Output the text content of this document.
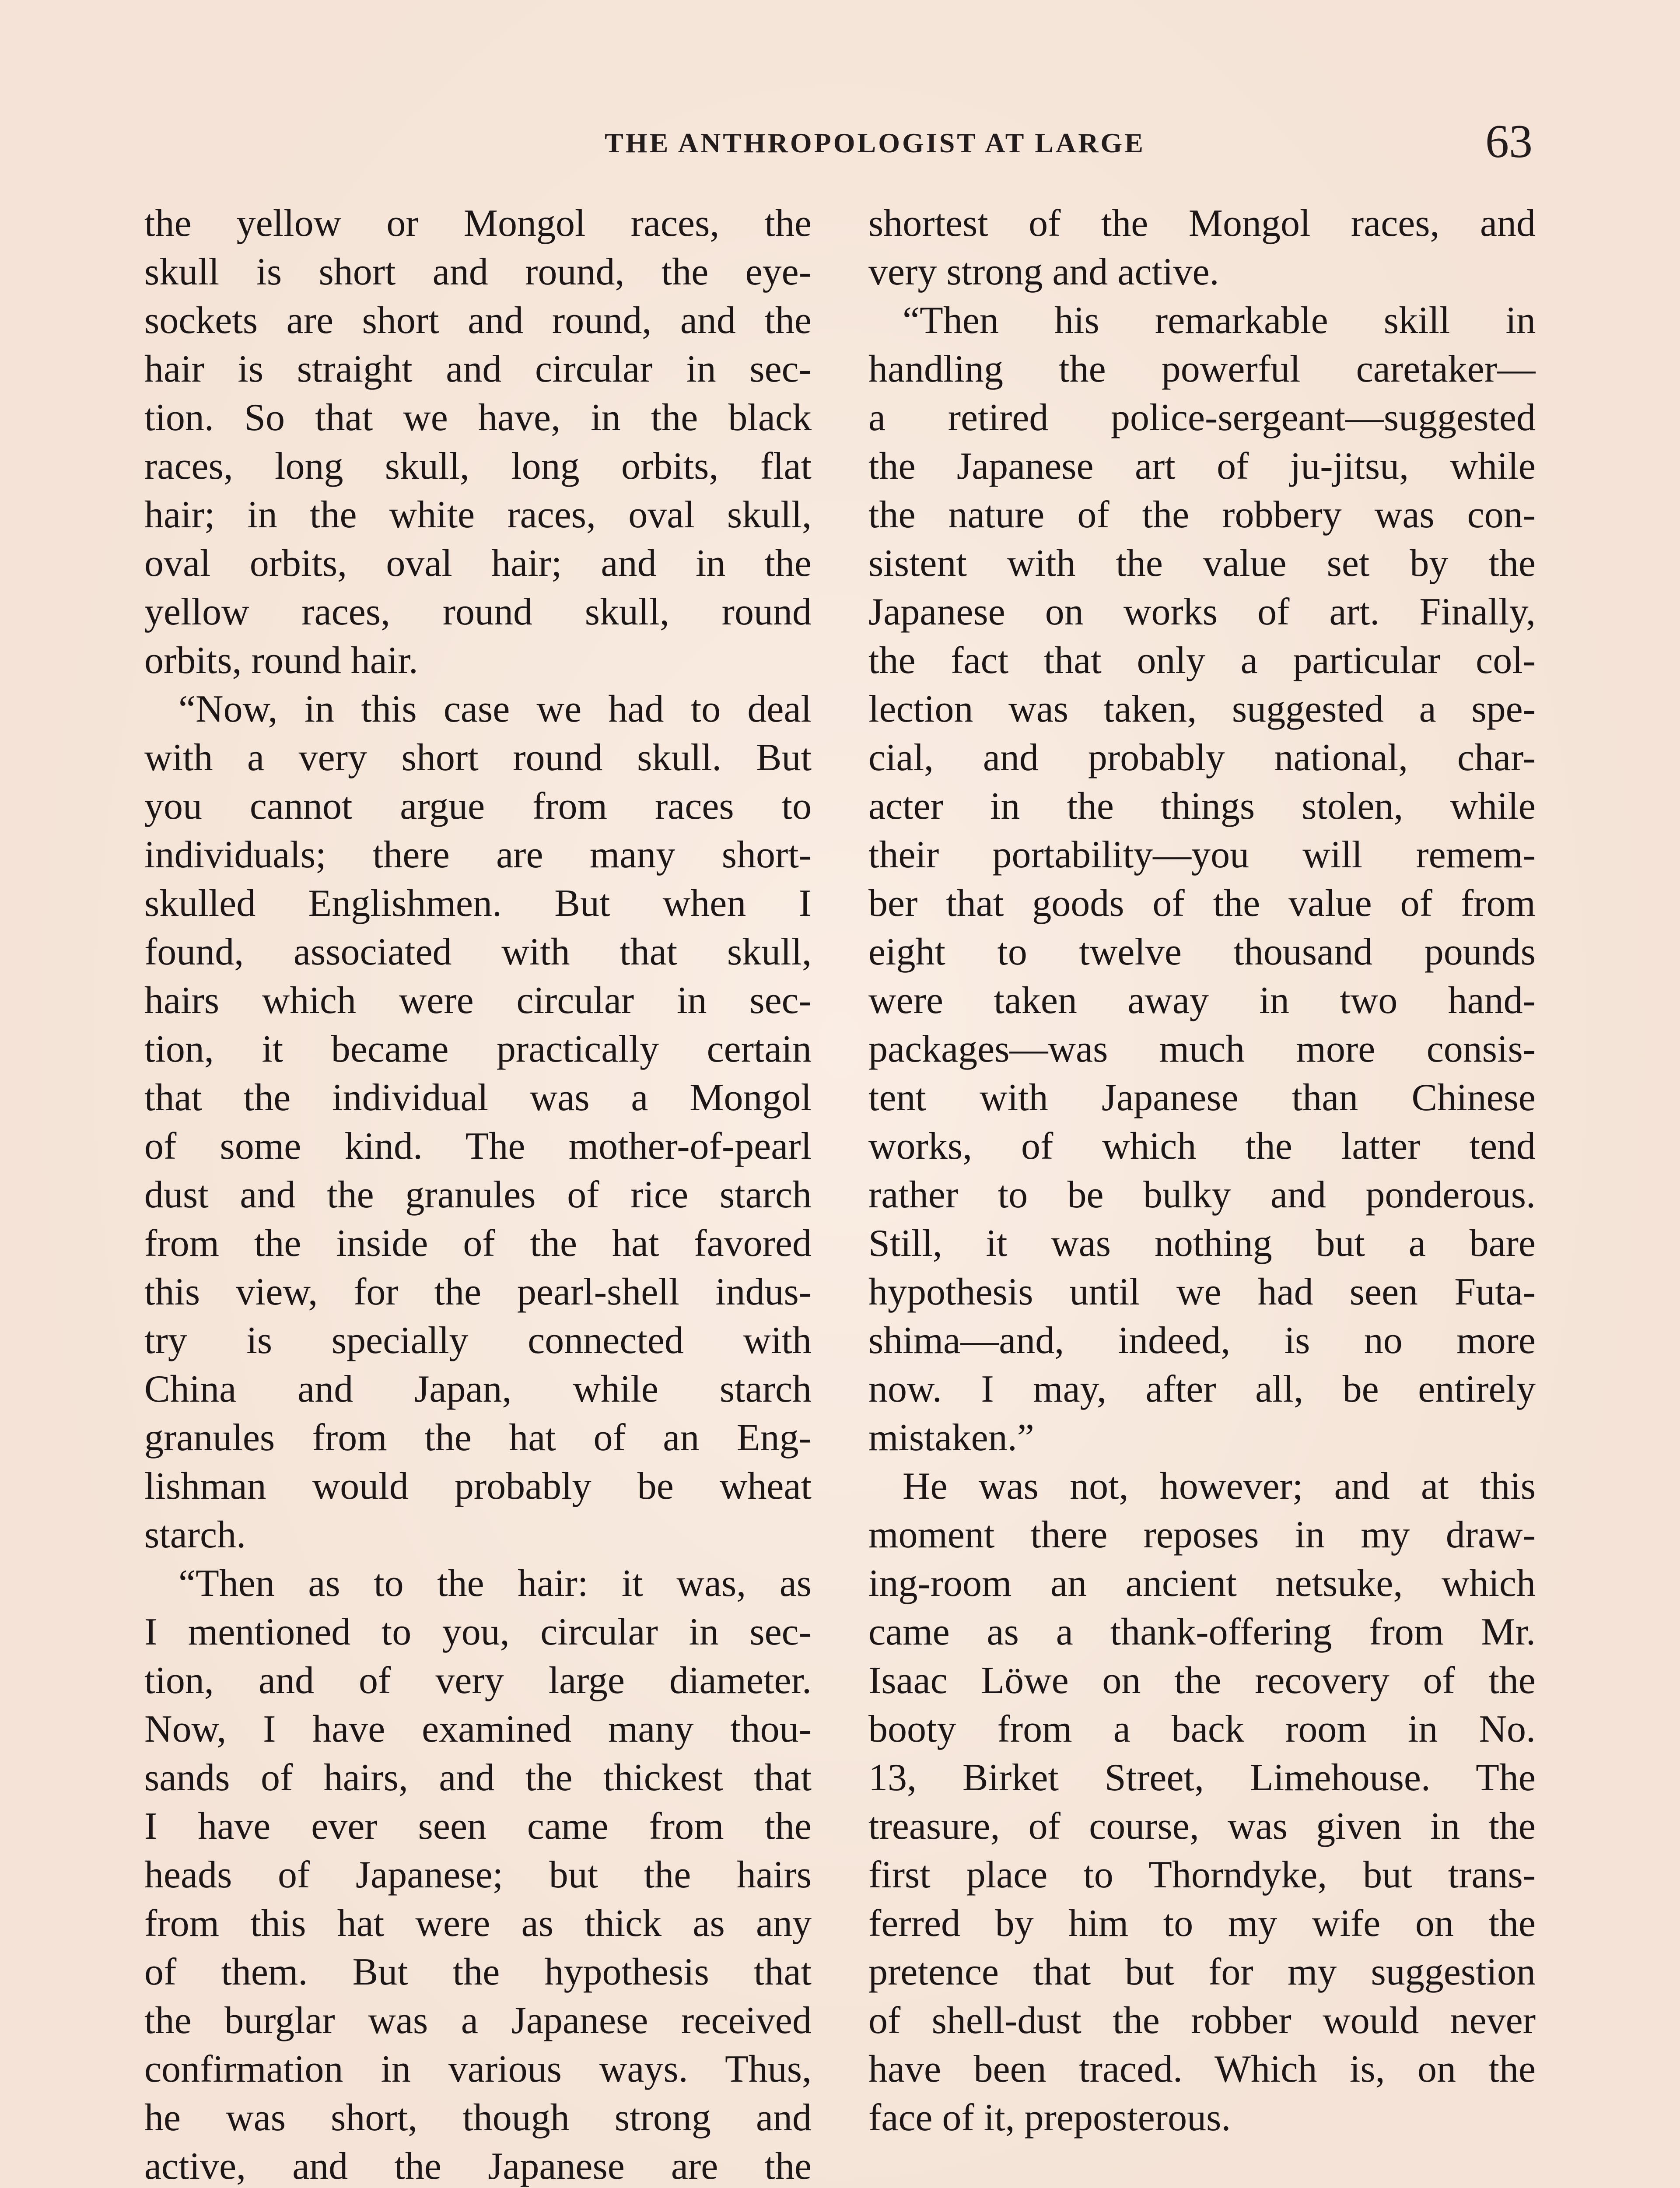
THE ANTHROPOLOGIST AT LARGE	63
the yellow or Mongol races, the
skull is short and round, the eye-
sockets are short and round, and the
hair is straight and circular in sec-
tion. So that we have, in the black
races, long skull, long orbits, flat
hair; in the white races, oval skull,
oval orbits, oval hair; and in the
yellow races, round skull, round
orbits, round hair.
“Now, in this case we had to deal
with a very short round skull. But
you cannot argue from races to
individuals; there are many short-
skulled Englishmen. But when I
found, associated with that skull,
hairs which were circular in sec-
tion, it became practically certain
that the individual was a Mongol
of some kind. The mother-of-pearl
dust and the granules of rice starch
from the inside of the hat favored
this view, for the pearl-shell indus-
try is specially connected with
China and Japan, while starch
granules from the hat of an Eng-
lishman would probably be wheat
starch.
“Then as to the hair: it was, as
I mentioned to you, circular in sec-
tion, and of very large diameter.
Now, I have examined many thou-
sands of hairs, and the thickest that
I have ever seen came from the
heads of Japanese; but the hairs
from this hat were as thick as any
of them. But the hypothesis that
the burglar was a Japanese received
confirmation in various ways. Thus,
he was short, though strong and
active, and the Japanese are the
shortest of the Mongol races, and
very strong and active.
“Then his remarkable skill in
handling the powerful caretaker—
a retired police-sergeant—suggested
the Japanese art of ju-jitsu, while
the nature of the robbery was con-
sistent with the value set by the
Japanese on works of art. Finally,
the fact that only a particular col-
lection was taken, suggested a spe-
cial, and probably national, char-
acter in the things stolen, while
their portability—you will remem-
ber that goods of the value of from
eight to twelve thousand pounds
were taken away in two hand-
packages—was much more consis-
tent with Japanese than Chinese
works, of which the latter tend
rather to be bulky and ponderous.
Still, it was nothing but a bare
hypothesis until we had seen Futa-
shima—and, indeed, is no more
now. I may, after all, be entirely
mistaken.”
He was not, however; and at this
moment there reposes in my draw-
ing-room an ancient netsuke, which
came as a thank-offering from Mr.
Isaac Löwe on the recovery of the
booty from a back room in No.
13, Birket Street, Limehouse. The
treasure, of course, was given in the
first place to Thorndyke, but trans-
ferred by him to my wife on the
pretence that but for my suggestion
of shell-dust the robber would never
have been traced. Which is, on the
face of it, preposterous.
